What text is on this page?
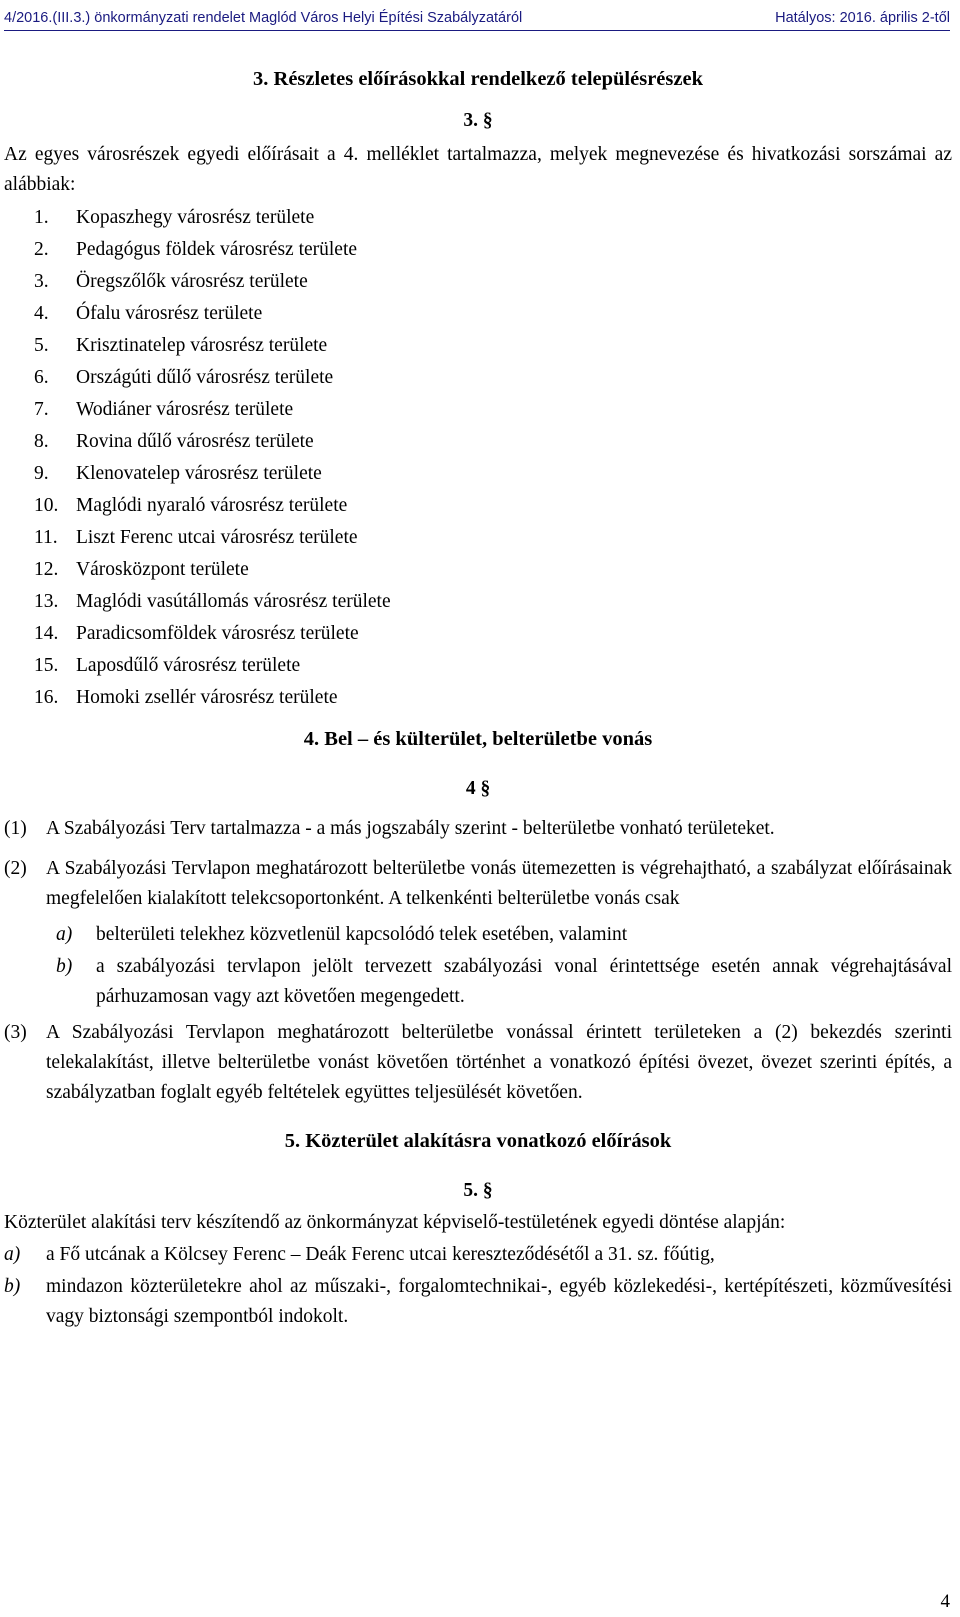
4/2016.(III.3.) önkormányzati rendelet Maglód Város Helyi Építési Szabályzatáról	Hatályos: 2016. április 2-től
3. Részletes előírásokkal rendelkező településrészek
3. §
Az egyes városrészek egyedi előírásait a 4. melléklet tartalmazza, melyek megnevezése és hivatkozási sorszámai az alábbiak:
1.	Kopaszhegy városrész területe
2.	Pedagógus földek városrész területe
3.	Öregszőlők városrész területe
4.	Ófalu városrész területe
5.	Krisztinatelep városrész területe
6.	Országúti dűlő városrész területe
7.	Wodiáner városrész területe
8.	Rovina dűlő városrész területe
9.	Klenovatelep városrész területe
10. Maglódi nyaraló városrész területe
11. Liszt Ferenc utcai városrész területe
12. Városközpont területe
13. Maglódi vasútállomás városrész területe
14. Paradicsomföldek városrész területe
15. Laposdűlő városrész területe
16. Homoki zsellér városrész területe
4. Bel – és külterület, belterületbe vonás
4 §
(1) A Szabályozási Terv tartalmazza - a más jogszabály szerint - belterületbe vonható területeket.
(2) A Szabályozási Tervlapon meghatározott belterületbe vonás ütemezetten is végrehajtható, a szabályzat előírásainak megfelelően kialakított telekcsoportonként. A telkenkénti belterületbe vonás csak
a)	belterületi telekhez közvetlenül kapcsolódó telek esetében, valamint
b)	a szabályozási tervlapon jelölt tervezett szabályozási vonal érintettsége esetén annak végrehajtásával párhuzamosan vagy azt követően megengedett.
(3) A Szabályozási Tervlapon meghatározott belterületbe vonással érintett területeken a (2) bekezdés szerinti telekalakítást, illetve belterületbe vonást követően történhet a vonatkozó építési övezet, övezet szerinti építés, a szabályzatban foglalt egyéb feltételek együttes teljesülését követően.
5. Közterület alakításra vonatkozó előírások
5. §
Közterület alakítási terv készítendő az önkormányzat képviselő-testületének egyedi döntése alapján:
a)	a Fő utcának a Kölcsey Ferenc – Deák Ferenc utcai kereszteződésétől a 31. sz. főútig,
b)	mindazon közterületekre ahol az műszaki-, forgalomtechnikai-, egyéb közlekedési-, kertépítészeti, közművesítési vagy biztonsági szempontból indokolt.
4
